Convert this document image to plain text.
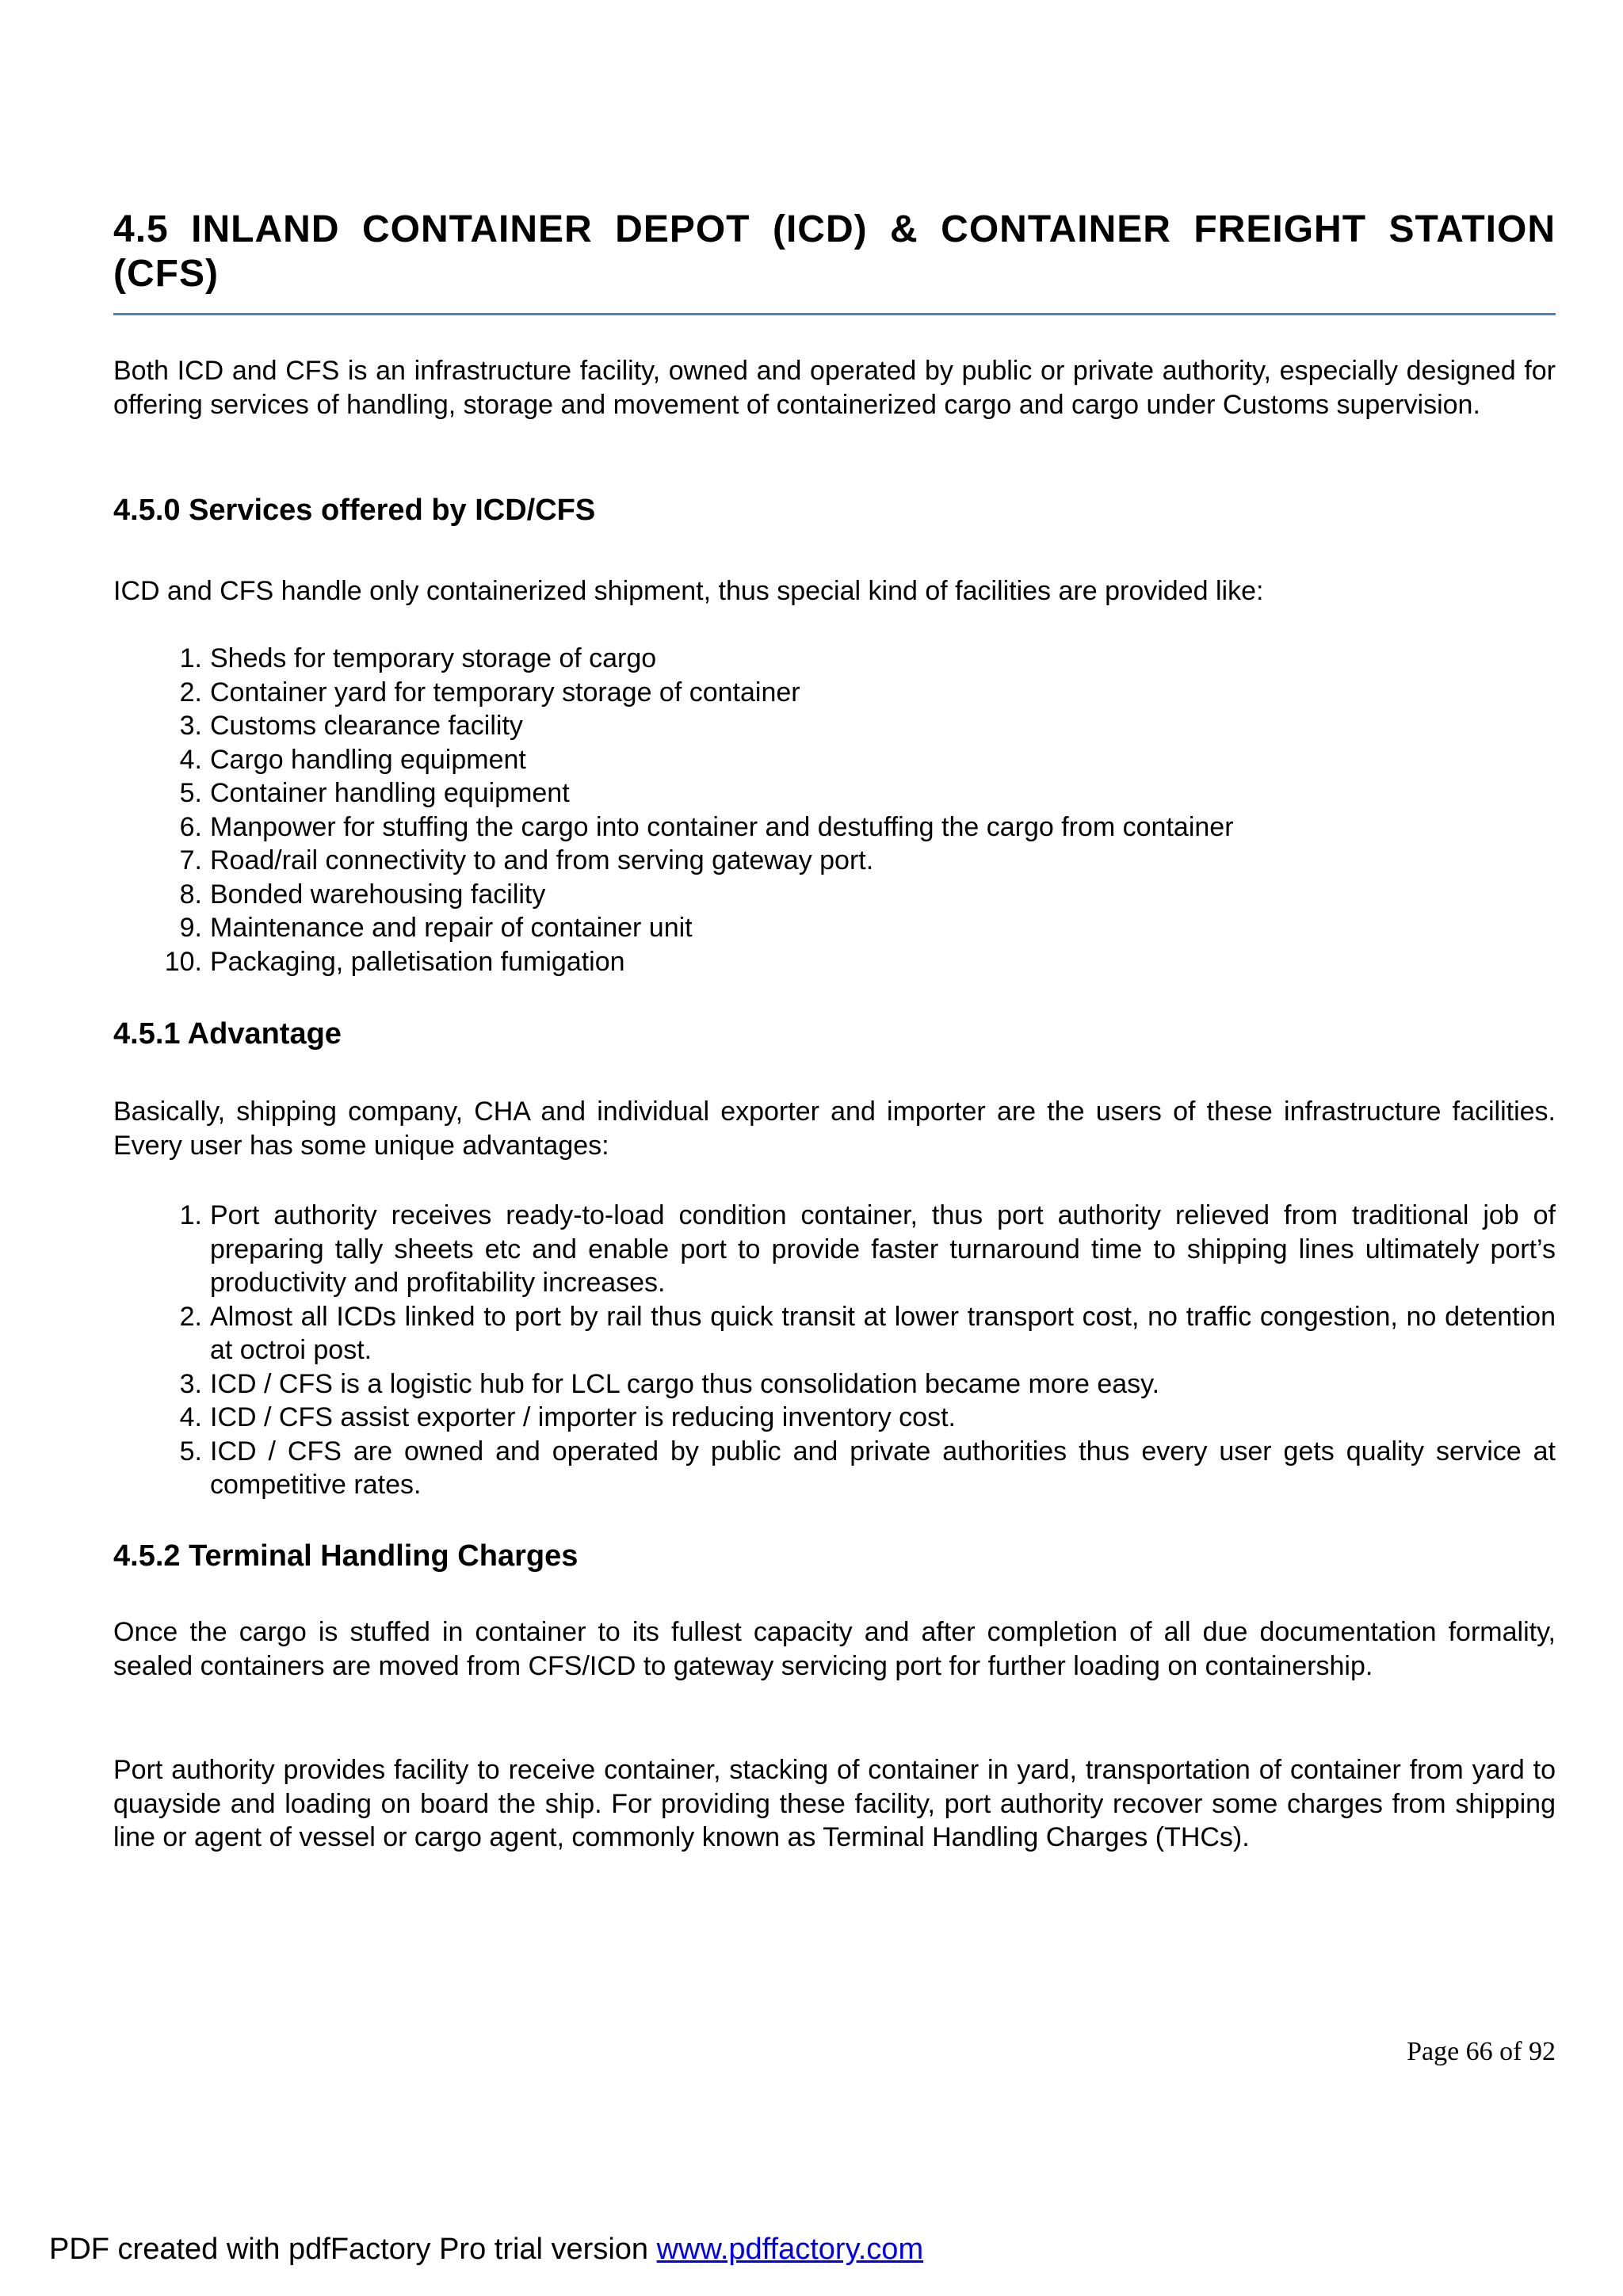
4.5 INLAND CONTAINER DEPOT (ICD) & CONTAINER FREIGHT STATION (CFS)

Both ICD and CFS is an infrastructure facility, owned and operated by public or private authority, especially designed for offering services of handling, storage and movement of containerized cargo and cargo under Customs supervision.

4.5.0 Services offered by ICD/CFS

ICD and CFS handle only containerized shipment, thus special kind of facilities are provided like:

1. Sheds for temporary storage of cargo
2. Container yard for temporary storage of container
3. Customs clearance facility
4. Cargo handling equipment
5. Container handling equipment
6. Manpower for stuffing the cargo into container and destuffing the cargo from container
7. Road/rail connectivity to and from serving gateway port.
8. Bonded warehousing facility
9. Maintenance and repair of container unit
10. Packaging, palletisation fumigation
4.5.1 Advantage

Basically, shipping company, CHA and individual exporter and importer are the users of these infrastructure facilities. Every user has some unique advantages:

1. Port authority receives ready-to-load condition container, thus port authority relieved from traditional job of preparing tally sheets etc and enable port to provide faster turnaround time to shipping lines ultimately port’s productivity and profitability increases.
2. Almost all ICDs linked to port by rail thus quick transit at lower transport cost, no traffic congestion, no detention at octroi post.
3. ICD / CFS is a logistic hub for LCL cargo thus consolidation became more easy.
4. ICD / CFS assist exporter / importer is reducing inventory cost.
5. ICD / CFS are owned and operated by public and private authorities thus every user gets quality service at competitive rates.
4.5.2 Terminal Handling Charges

Once the cargo is stuffed in container to its fullest capacity and after completion of all due documentation formality, sealed containers are moved from CFS/ICD to gateway servicing port for further loading on containership.

Port authority provides facility to receive container, stacking of container in yard, transportation of container from yard to quayside and loading on board the ship. For providing these facility, port authority recover some charges from shipping line or agent of vessel or cargo agent, commonly known as Terminal Handling Charges (THCs).

Page 66 of 92
PDF created with pdfFactory Pro trial version www.pdffactory.com
